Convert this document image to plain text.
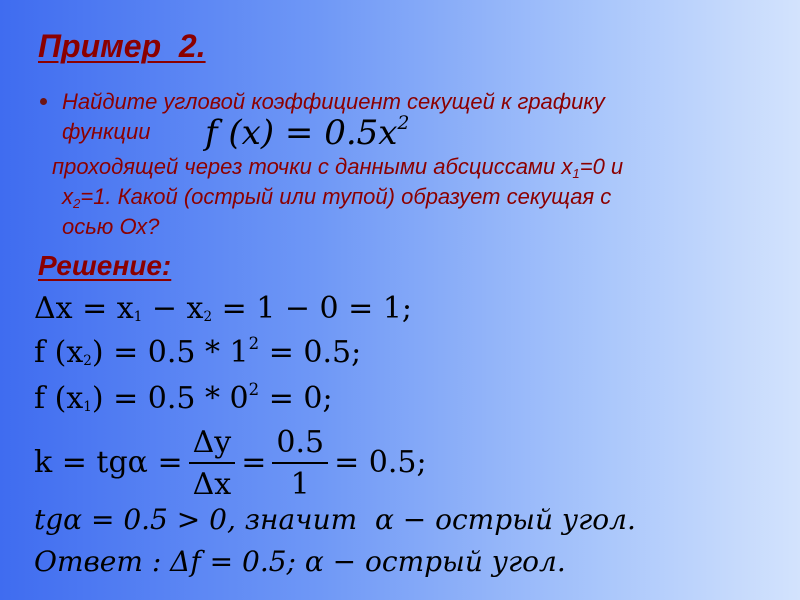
Пример  2.
Найдите угловой коэффициент секущей к графику
функции f $(x) = 0.5x^2$
проходящей через точки с данными абсциссами х1=0 и
х2=1. Какой (острый или тупой) образует секущая с
осью Ох?
Решение:
Δx = x1 − x2 = 1 − 0 = 1;
f $(x2) = 0.5 * 1^2 = 0.5$;
f $(x1) = 0.5 * 0^2 = 0$;
$k = tg\alpha = \frac{\Delta y}{\Delta x} = \frac{0.5}{1} = 0.5$;
tgα = 0.5 > 0, значит  α − острый угол.
Ответ : Δf = 0.5; α − острый угол.
